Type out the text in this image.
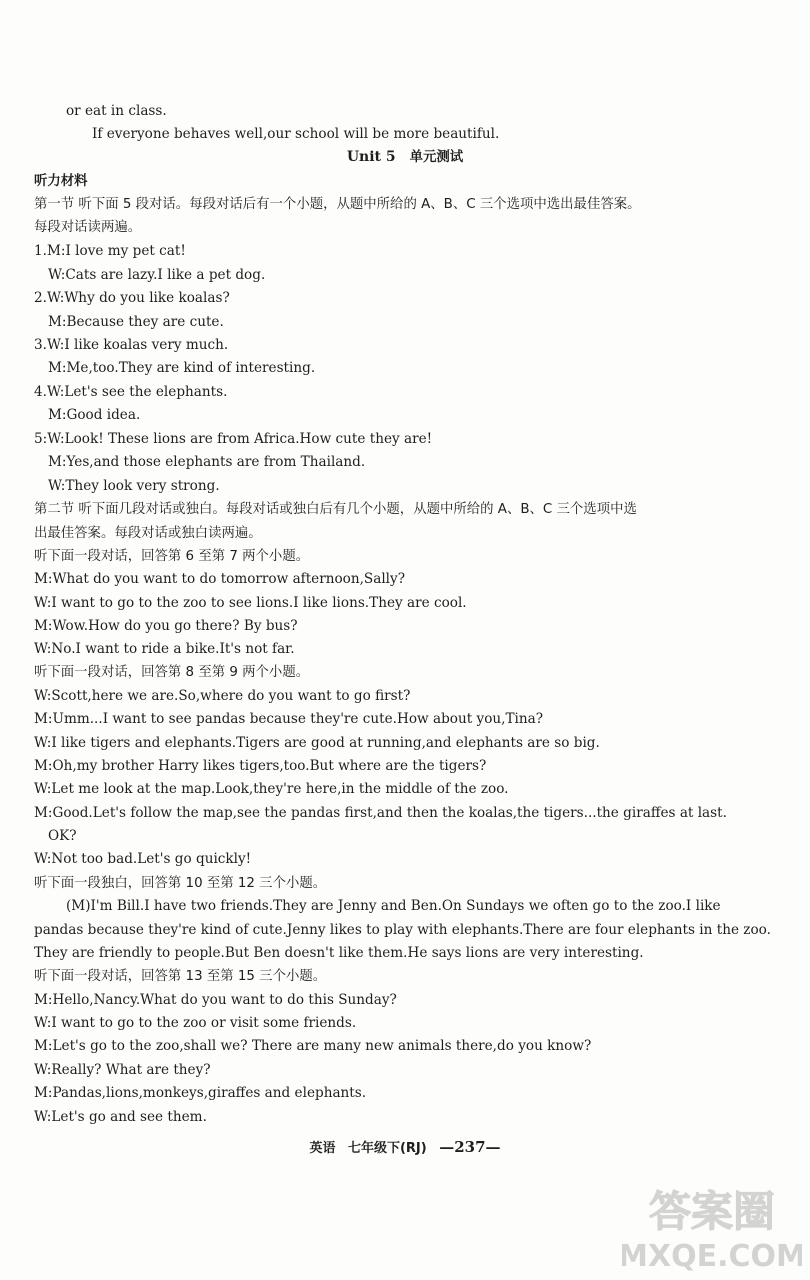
or eat in class.
If everyone behaves well,our school will be more beautiful.
Unit 5 单元测试
听力材料
第一节 听下面 5 段对话。每段对话后有一个小题，从题中所给的 A、B、C 三个选项中选出最佳答案。
每段对话读两遍。
1.M:I love my pet cat!
W:Cats are lazy.I like a pet dog.
2.W:Why do you like koalas?
M:Because they are cute.
3.W:I like koalas very much.
M:Me,too.They are kind of interesting.
4.W:Let's see the elephants.
M:Good idea.
5:W:Look! These lions are from Africa.How cute they are!
M:Yes,and those elephants are from Thailand.
W:They look very strong.
第二节 听下面几段对话或独白。每段对话或独白后有几个小题，从题中所给的 A、B、C 三个选项中选
出最佳答案。每段对话或独白读两遍。
听下面一段对话，回答第 6 至第 7 两个小题。
M:What do you want to do tomorrow afternoon,Sally?
W:I want to go to the zoo to see lions.I like lions.They are cool.
M:Wow.How do you go there? By bus?
W:No.I want to ride a bike.It's not far.
听下面一段对话，回答第 8 至第 9 两个小题。
W:Scott,here we are.So,where do you want to go first?
M:Umm...I want to see pandas because they're cute.How about you,Tina?
W:I like tigers and elephants.Tigers are good at running,and elephants are so big.
M:Oh,my brother Harry likes tigers,too.But where are the tigers?
W:Let me look at the map.Look,they're here,in the middle of the zoo.
M:Good.Let's follow the map,see the pandas first,and then the koalas,the tigers...the giraffes at last.
OK?
W:Not too bad.Let's go quickly!
听下面一段独白，回答第 10 至第 12 三个小题。
(M)I'm Bill.I have two friends.They are Jenny and Ben.On Sundays we often go to the zoo.I like
pandas because they're kind of cute.Jenny likes to play with elephants.There are four elephants in the zoo.
They are friendly to people.But Ben doesn't like them.He says lions are very interesting.
听下面一段对话，回答第 13 至第 15 三个小题。
M:Hello,Nancy.What do you want to do this Sunday?
W:I want to go to the zoo or visit some friends.
M:Let's go to the zoo,shall we? There are many new animals there,do you know?
W:Really? What are they?
M:Pandas,lions,monkeys,giraffes and elephants.
W:Let's go and see them.
英语 七年级下(RJ) —237—
答案圈
MXQE.COM
